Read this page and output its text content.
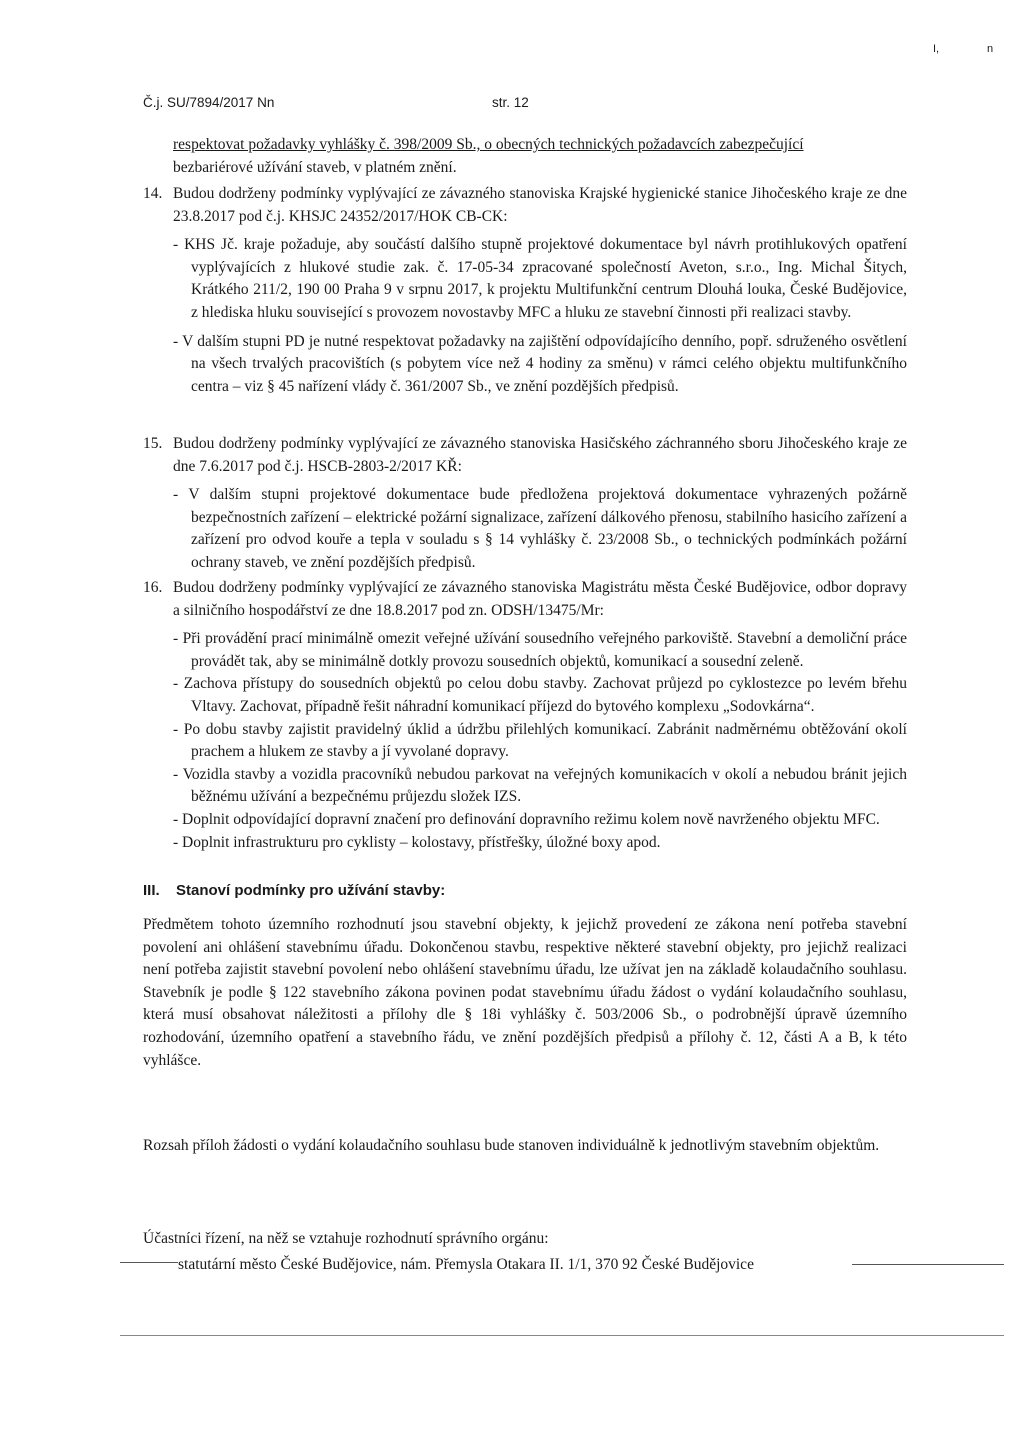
I,	n
Č.j. SU/7894/2017 Nn	str. 12

respektovat požadavky vyhlášky č. 398/2009 Sb., o obecných technických požadavcích zabezpečující

bezbariérové užívání staveb, v platném znění.

14. Budou dodrženy podmínky vyplývající ze závazného stanoviska Krajské hygienické stanice Jihočeského kraje ze dne 23.8.2017 pod č.j. KHSJC 24352/2017/HOK CB-CK:

- KHS Jč. kraje požaduje, aby součástí dalšího stupně projektové dokumentace byl návrh protihlukových opatření vyplývajících z hlukové studie zak. č. 17-05-34 zpracované společností Aveton, s.r.o., Ing. Michal Šitych, Krátkého 211/2, 190 00 Praha 9 v srpnu 2017, k projektu Multifunkční centrum Dlouhá louka, České Budějovice, z hlediska hluku související s provozem novostavby MFC a hluku ze stavební činnosti při realizaci stavby.

- V dalším stupni PD je nutné respektovat požadavky na zajištění odpovídajícího denního, popř. sdruženého osvětlení na všech trvalých pracovištích (s pobytem více než 4 hodiny za směnu) v rámci celého objektu multifunkčního centra – viz § 45 nařízení vlády č. 361/2007 Sb., ve znění pozdějších předpisů.

15. Budou dodrženy podmínky vyplývající ze závazného stanoviska Hasičského záchranného sboru Jihočeského kraje ze dne 7.6.2017 pod č.j. HSCB-2803-2/2017 KŘ:

- V dalším stupni projektové dokumentace bude předložena projektová dokumentace vyhrazených požárně bezpečnostních zařízení – elektrické požární signalizace, zařízení dálkového přenosu, stabilního hasicího zařízení a zařízení pro odvod kouře a tepla v souladu s § 14 vyhlášky č. 23/2008 Sb., o technických podmínkách požární ochrany staveb, ve znění pozdějších předpisů.

16. Budou dodrženy podmínky vyplývající ze závazného stanoviska Magistrátu města České Budějovice, odbor dopravy a silničního hospodářství ze dne 18.8.2017 pod zn. ODSH/13475/Mr:

- Při provádění prací minimálně omezit veřejné užívání sousedního veřejného parkoviště. Stavební a demoliční práce provádět tak, aby se minimálně dotkly provozu sousedních objektů, komunikací a sousední zeleně.

- Zachova přístupy do sousedních objektů po celou dobu stavby. Zachovat průjezd po cyklostezce po levém břehu Vltavy. Zachovat, případně řešit náhradní komunikací příjezd do bytového komplexu „Sodovkárna“.

- Po dobu stavby zajistit pravidelný úklid a údržbu přilehlých komunikací. Zabránit nadměrnému obtěžování okolí prachem a hlukem ze stavby a jí vyvolané dopravy.

- Vozidla stavby a vozidla pracovníků nebudou parkovat na veřejných komunikacích v okolí a nebudou bránit jejich běžnému užívání a bezpečnému průjezdu složek IZS.

- Doplnit odpovídající dopravní značení pro definování dopravního režimu kolem nově navrženého objektu MFC.

- Doplnit infrastrukturu pro cyklisty – kolostavy, přístřešky, úložné boxy apod.

III. Stanoví podmínky pro užívání stavby:
Předmětem tohoto územního rozhodnutí jsou stavební objekty, k jejichž provedení ze zákona není potřeba stavební povolení ani ohlášení stavebnímu úřadu. Dokončenou stavbu, respektive některé stavební objekty, pro jejichž realizaci není potřeba zajistit stavební povolení nebo ohlášení stavebnímu úřadu, lze užívat jen na základě kolaudačního souhlasu. Stavebník je podle § 122 stavebního zákona povinen podat stavebnímu úřadu žádost o vydání kolaudačního souhlasu, která musí obsahovat náležitosti a přílohy dle § 18i vyhlášky č. 503/2006 Sb., o podrobnější úpravě územního rozhodování, územního opatření a stavebního řádu, ve znění pozdějších předpisů a přílohy č. 12, části A a B, k této vyhlášce.
Rozsah příloh žádosti o vydání kolaudačního souhlasu bude stanoven individuálně k jednotlivým stavebním objektům.
Účastníci řízení, na něž se vztahuje rozhodnutí správního orgánu:
statutární město České Budějovice, nám. Přemysla Otakara II. 1/1, 370 92 České Budějovice
